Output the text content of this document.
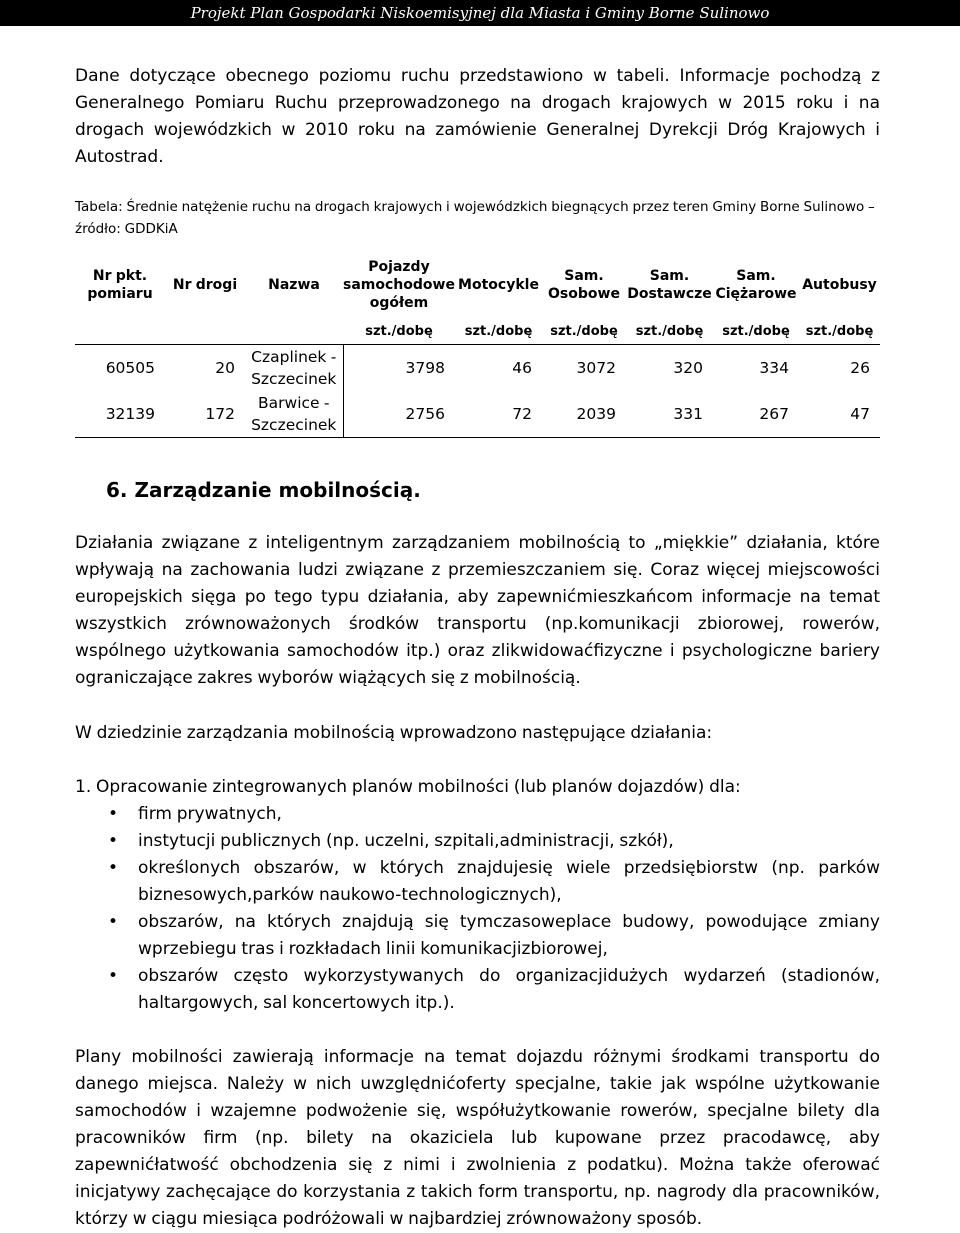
Projekt Plan Gospodarki Niskoemisyjnej dla Miasta i Gminy Borne Sulinowo

Dane dotyczące obecnego poziomu ruchu przedstawiono w tabeli. Informacje pochodzą z Generalnego Pomiaru Ruchu przeprowadzonego na drogach krajowych w 2015 roku i na drogach wojewódzkich w 2010 roku na zamówienie Generalnej Dyrekcji Dróg Krajowych i Autostrad.

Tabela: Średnie natężenie ruchu na drogach krajowych i wojewódzkich biegnących przez teren Gminy Borne Sulinowo – źródło: GDDKiA

Nr pkt. pomiaru	Nr drogi	Nazwa	Pojazdy samochodowe ogółem	Motocykle	Sam. Osobowe	Sam. Dostawcze	Sam. Ciężarowe	Autobusy
			szt./dobę	szt./dobę	szt./dobę	szt./dobę	szt./dobę	szt./dobę
60505	20	Czaplinek - Szczecinek	3798	46	3072	320	334	26
32139	172	Barwice - Szczecinek	2756	72	2039	331	267	47
6. Zarządzanie mobilnością.

Działania związane z inteligentnym zarządzaniem mobilnością to „miękkie” działania, które wpływają na zachowania ludzi związane z przemieszczaniem się. Coraz więcej miejscowości europejskich sięga po tego typu działania, aby zapewnićmieszkańcom informacje na temat wszystkich zrównoważonych środków transportu (np.komunikacji zbiorowej, rowerów, wspólnego użytkowania samochodów itp.) oraz zlikwidowaćfizyczne i psychologiczne bariery ograniczające zakres wyborów wiążących się z mobilnością.

W dziedzinie zarządzania mobilnością wprowadzono następujące działania:

1. Opracowanie zintegrowanych planów mobilności (lub planów dojazdów) dla:

• firm prywatnych,
• instytucji publicznych (np. uczelni, szpitali,administracji, szkół),
• określonych obszarów, w których znajdujesię wiele przedsiębiorstw (np. parków biznesowych,parków naukowo-technologicznych),
• obszarów, na których znajdują się tymczasoweplace budowy, powodujące zmiany wprzebiegu tras i rozkładach linii komunikacjizbiorowej,
• obszarów często wykorzystywanych do organizacjidużych wydarzeń (stadionów, haltargowych, sal koncertowych itp.).

Plany mobilności zawierają informacje na temat dojazdu różnymi środkami transportu do danego miejsca. Należy w nich uwzględnićoferty specjalne, takie jak wspólne użytkowanie samochodów i wzajemne podwożenie się, współużytkowanie rowerów, specjalne bilety dla pracowników firm (np. bilety na okaziciela lub kupowane przez pracodawcę, aby zapewnićłatwość obchodzenia się z nimi i zwolnienia z podatku). Można także oferować inicjatywy zachęcające do korzystania z takich form transportu, np. nagrody dla pracowników, którzy w ciągu miesiąca podróżowali w najbardziej zrównoważony sposób.
